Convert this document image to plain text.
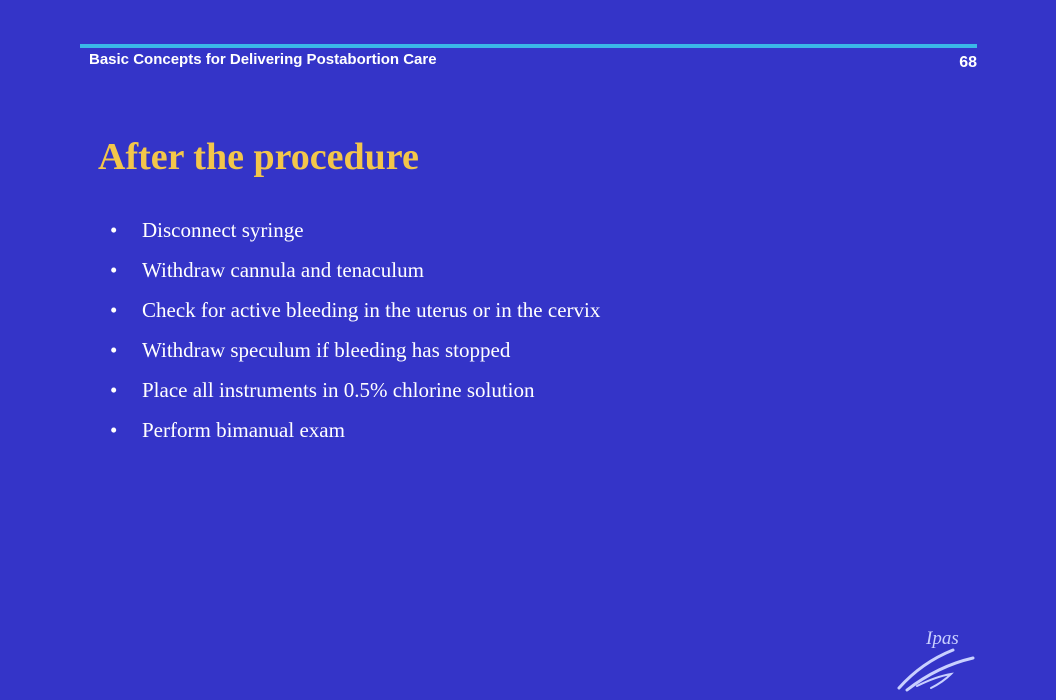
Basic Concepts for Delivering Postabortion Care	68
After the procedure
• Disconnect syringe
• Withdraw cannula and tenaculum
• Check for active bleeding in the uterus or in the cervix
• Withdraw speculum if bleeding has stopped
• Place all instruments in 0.5% chlorine solution
• Perform bimanual exam
Ipas
